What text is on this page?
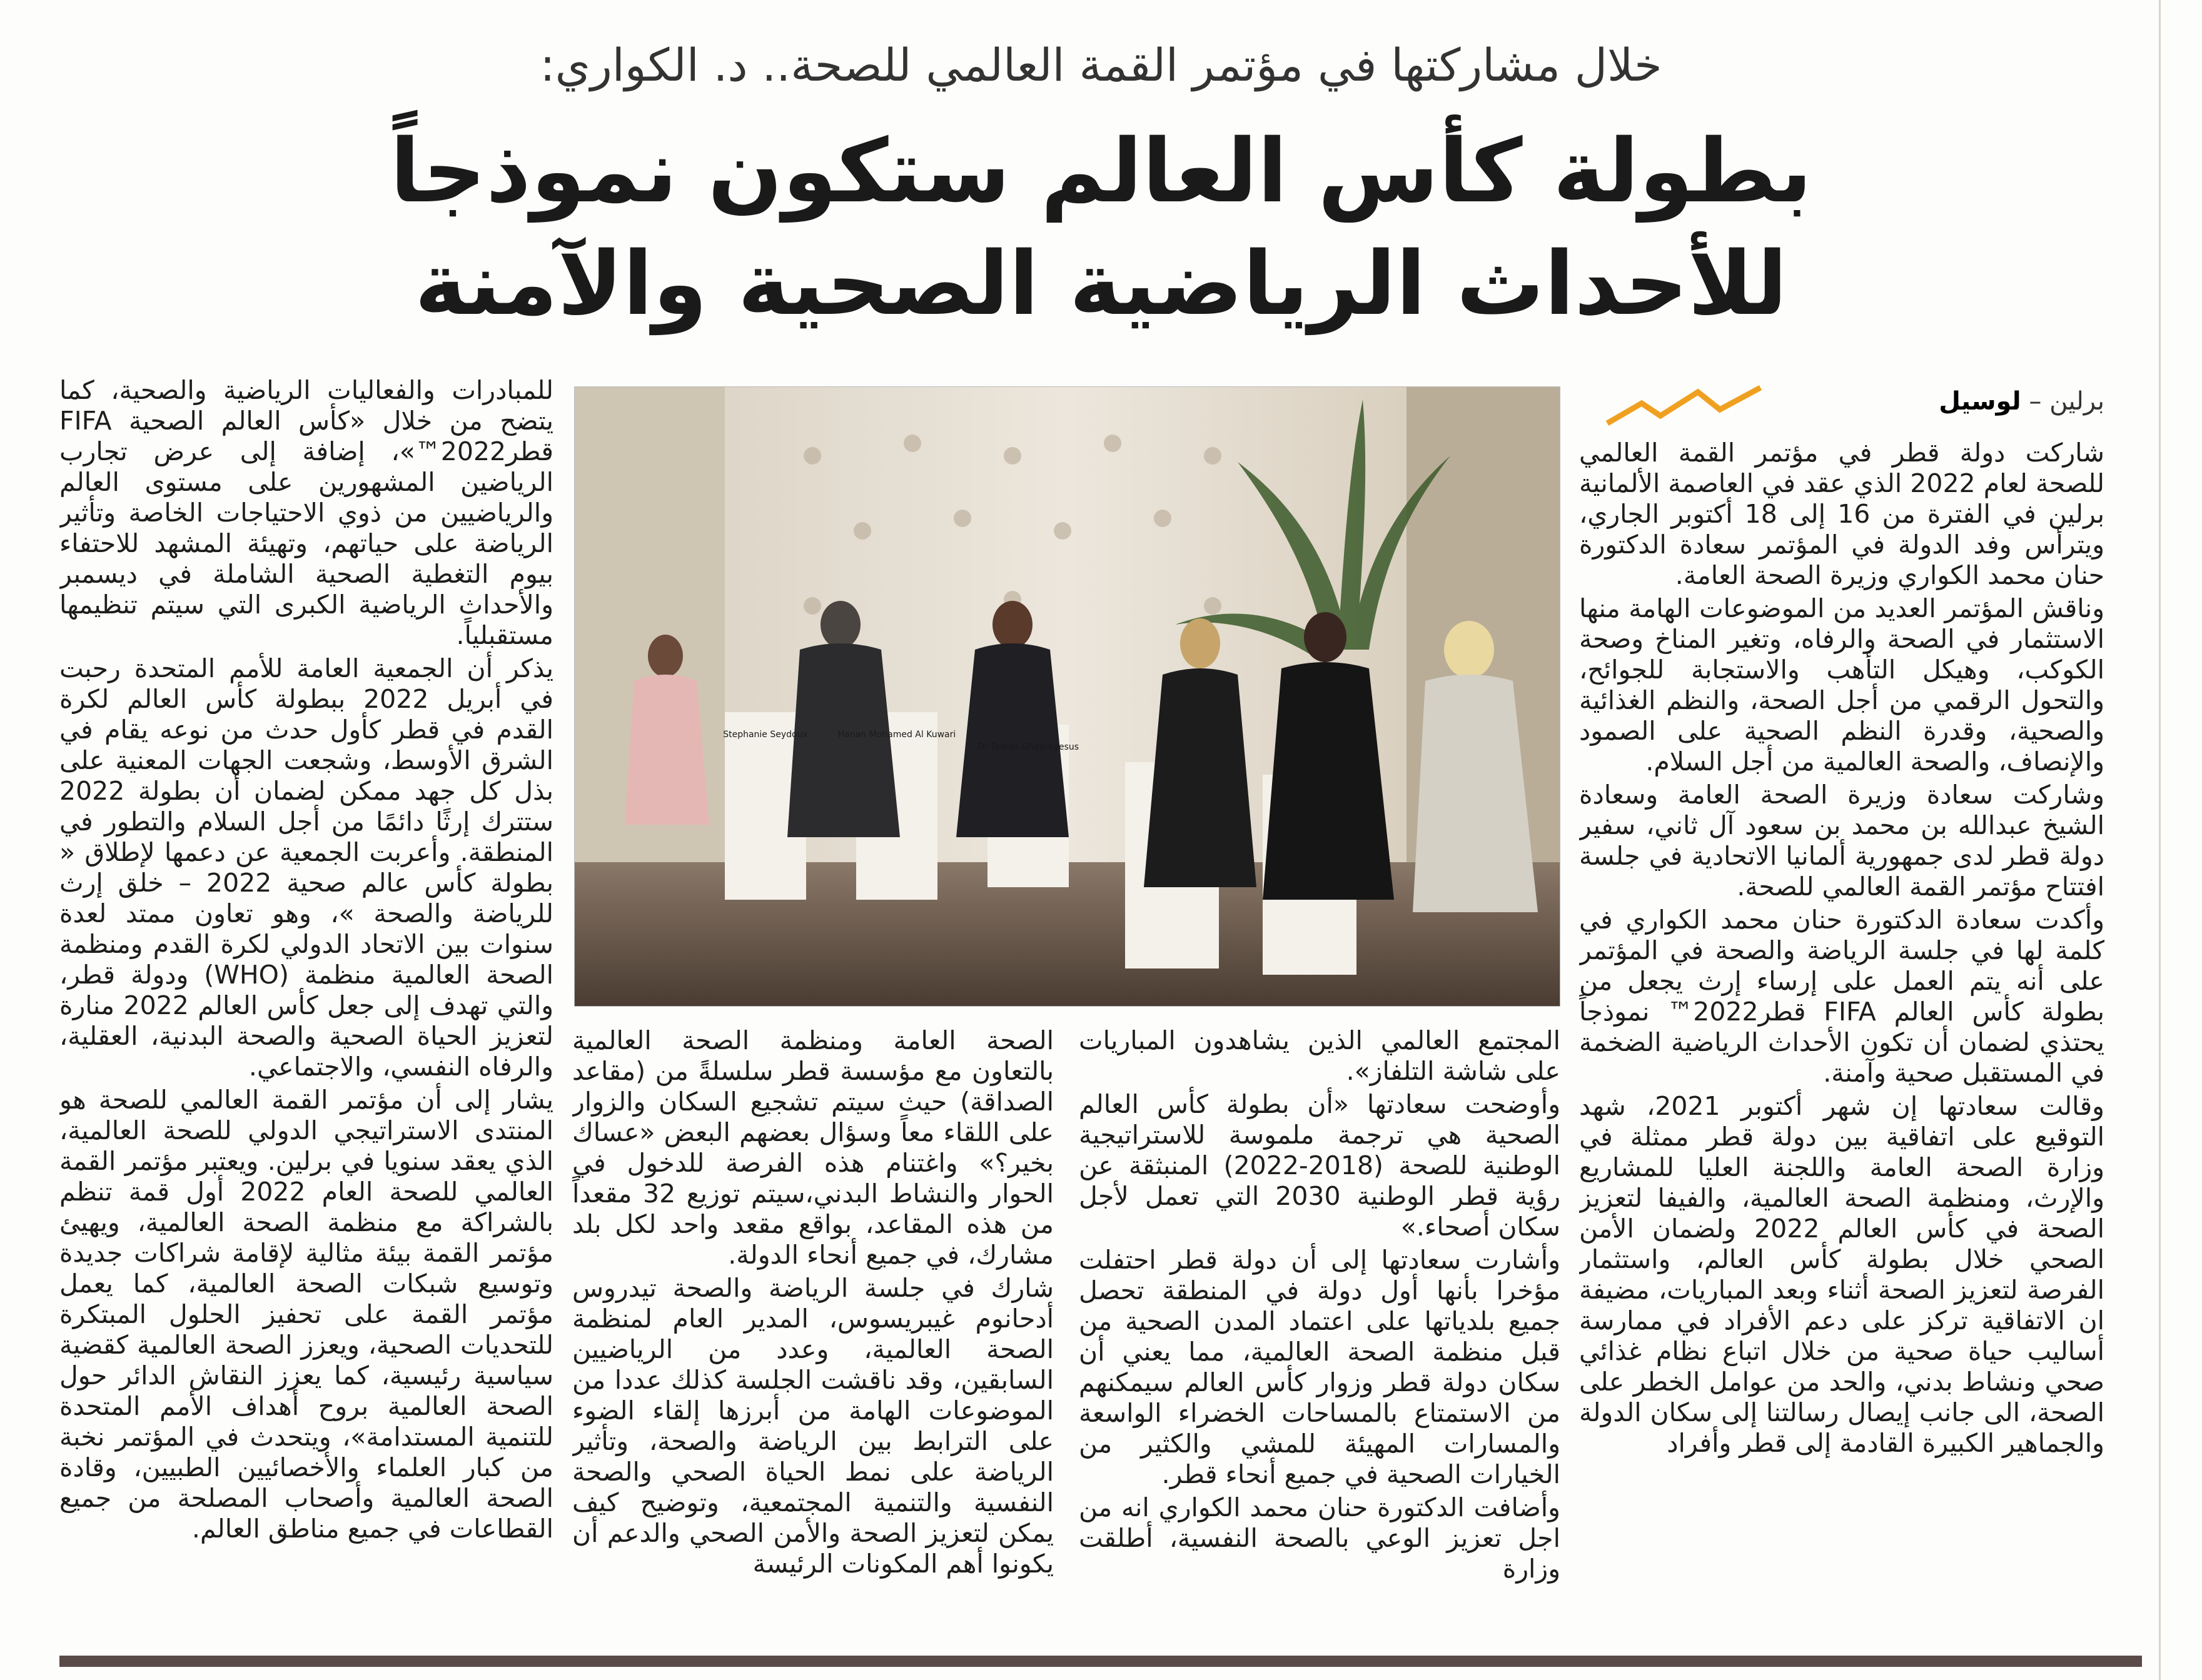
خلال مشاركتها في مؤتمر القمة العالمي للصحة.. د. الكواري:
بطولة كأس العالم ستكون نموذجاً
للأحداث الرياضية الصحية والآمنة
برلين – لوسيل

شاركت دولة قطر في مؤتمر القمة العالمي للصحة لعام 2022 الذي عقد في العاصمة الألمانية برلين في الفترة من 16 إلى 18 أكتوبر الجاري، ويترأس وفد الدولة في المؤتمر سعادة الدكتورة حنان محمد الكواري وزيرة الصحة العامة.

وناقش المؤتمر العديد من الموضوعات الهامة منها الاستثمار في الصحة والرفاه، وتغير المناخ وصحة الكوكب، وهيكل التأهب والاستجابة للجوائح، والتحول الرقمي من أجل الصحة، والنظم الغذائية والصحية، وقدرة النظم الصحية على الصمود والإنصاف، والصحة العالمية من أجل السلام.

وشاركت سعادة وزيرة الصحة العامة وسعادة الشيخ عبدالله بن محمد بن سعود آل ثاني، سفير دولة قطر لدى جمهورية ألمانيا الاتحادية في جلسة افتتاح مؤتمر القمة العالمي للصحة.

وأكدت سعادة الدكتورة حنان محمد الكواري في كلمة لها في جلسة الرياضة والصحة في المؤتمر على أنه يتم العمل على إرساء إرث يجعل من بطولة كأس العالم FIFA قطر2022™ نموذجاً يحتذي لضمان أن تكون الأحداث الرياضية الضخمة في المستقبل صحية وآمنة.

وقالت سعادتها إن شهر أكتوبر 2021، شهد التوقيع على اتفاقية بين دولة قطر ممثلة في وزارة الصحة العامة واللجنة العليا للمشاريع والإرث، ومنظمة الصحة العالمية، والفيفا لتعزيز الصحة في كأس العالم 2022 ولضمان الأمن الصحي خلال بطولة كأس العالم، واستثمار الفرصة لتعزيز الصحة أثناء وبعد المباريات، مضيفة ان الاتفاقية تركز على دعم الأفراد في ممارسة أساليب حياة صحية من خلال اتباع نظام غذائي صحي ونشاط بدني، والحد من عوامل الخطر على الصحة، الى جانب إيصال رسالتنا إلى سكان الدولة والجماهير الكبيرة القادمة إلى قطر وأفراد

Stephanie Seydoux	Hanan Mohamed Al Kuwari
Dr Tedros Ghebreyesus

المجتمع العالمي الذين يشاهدون المباريات على شاشة التلفاز».

وأوضحت سعادتها «أن بطولة كأس العالم الصحية هي ترجمة ملموسة للاستراتيجية الوطنية للصحة (2018-2022) المنبثقة عن رؤية قطر الوطنية 2030 التي تعمل لأجل سكان أصحاء.»

وأشارت سعادتها إلى أن دولة قطر احتفلت مؤخرا بأنها أول دولة في المنطقة تحصل جميع بلدياتها على اعتماد المدن الصحية من قبل منظمة الصحة العالمية، مما يعني أن سكان دولة قطر وزوار كأس العالم سيمكنهم من الاستمتاع بالمساحات الخضراء الواسعة والمسارات المهيئة للمشي والكثير من الخيارات الصحية في جميع أنحاء قطر.

وأضافت الدكتورة حنان محمد الكواري انه من اجل تعزيز الوعي بالصحة النفسية، أطلقت وزارة

الصحة العامة ومنظمة الصحة العالمية بالتعاون مع مؤسسة قطر سلسلةً من (مقاعد الصداقة) حيث سيتم تشجيع السكان والزوار على اللقاء معاً وسؤال بعضهم البعض «عساك بخير؟» واغتنام هذه الفرصة للدخول في الحوار والنشاط البدني،سيتم توزيع 32 مقعداً من هذه المقاعد، بواقع مقعد واحد لكل بلد مشارك، في جميع أنحاء الدولة.

شارك في جلسة الرياضة والصحة تيدروس أدحانوم غيبريسوس، المدير العام لمنظمة الصحة العالمية، وعدد من الرياضيين السابقين، وقد ناقشت الجلسة كذلك عددا من الموضوعات الهامة من أبرزها إلقاء الضوء على الترابط بين الرياضة والصحة، وتأثير الرياضة على نمط الحياة الصحي والصحة النفسية والتنمية المجتمعية، وتوضيح كيف يمكن لتعزيز الصحة والأمن الصحي والدعم أن يكونوا أهم المكونات الرئيسة

للمبادرات والفعاليات الرياضية والصحية، كما يتضح من خلال «كأس العالم الصحية FIFA قطر2022™»، إضافة إلى عرض تجارب الرياضين المشهورين على مستوى العالم والرياضيين من ذوي الاحتياجات الخاصة وتأثير الرياضة على حياتهم، وتهيئة المشهد للاحتفاء بيوم التغطية الصحية الشاملة في ديسمبر والأحداث الرياضية الكبرى التي سيتم تنظيمها مستقبلياً.

يذكر أن الجمعية العامة للأمم المتحدة رحبت في أبريل 2022 ببطولة كأس العالم لكرة القدم في قطر كأول حدث من نوعه يقام في الشرق الأوسط، وشجعت الجهات المعنية على بذل كل جهد ممكن لضمان أن بطولة 2022 ستترك إرثًا دائمًا من أجل السلام والتطور في المنطقة. وأعربت الجمعية عن دعمها لإطلاق « بطولة كأس عالم صحية 2022 – خلق إرث للرياضة والصحة »، وهو تعاون ممتد لعدة سنوات بين الاتحاد الدولي لكرة القدم ومنظمة الصحة العالمية منظمة (WHO) ودولة قطر، والتي تهدف إلى جعل كأس العالم 2022 منارة لتعزيز الحياة الصحية والصحة البدنية، العقلية، والرفاه النفسي، والاجتماعي.

يشار إلى أن مؤتمر القمة العالمي للصحة هو المنتدى الاستراتيجي الدولي للصحة العالمية، الذي يعقد سنويا في برلين. ويعتبر مؤتمر القمة العالمي للصحة العام 2022 أول قمة تنظم بالشراكة مع منظمة الصحة العالمية، ويهيئ مؤتمر القمة بيئة مثالية لإقامة شراكات جديدة وتوسيع شبكات الصحة العالمية، كما يعمل مؤتمر القمة على تحفيز الحلول المبتكرة للتحديات الصحية، ويعزز الصحة العالمية كقضية سياسية رئيسية، كما يعزز النقاش الدائر حول الصحة العالمية بروح أهداف الأمم المتحدة للتنمية المستدامة»، ويتحدث في المؤتمر نخبة من كبار العلماء والأخصائيين الطبيين، وقادة الصحة العالمية وأصحاب المصلحة من جميع القطاعات في جميع مناطق العالم.
